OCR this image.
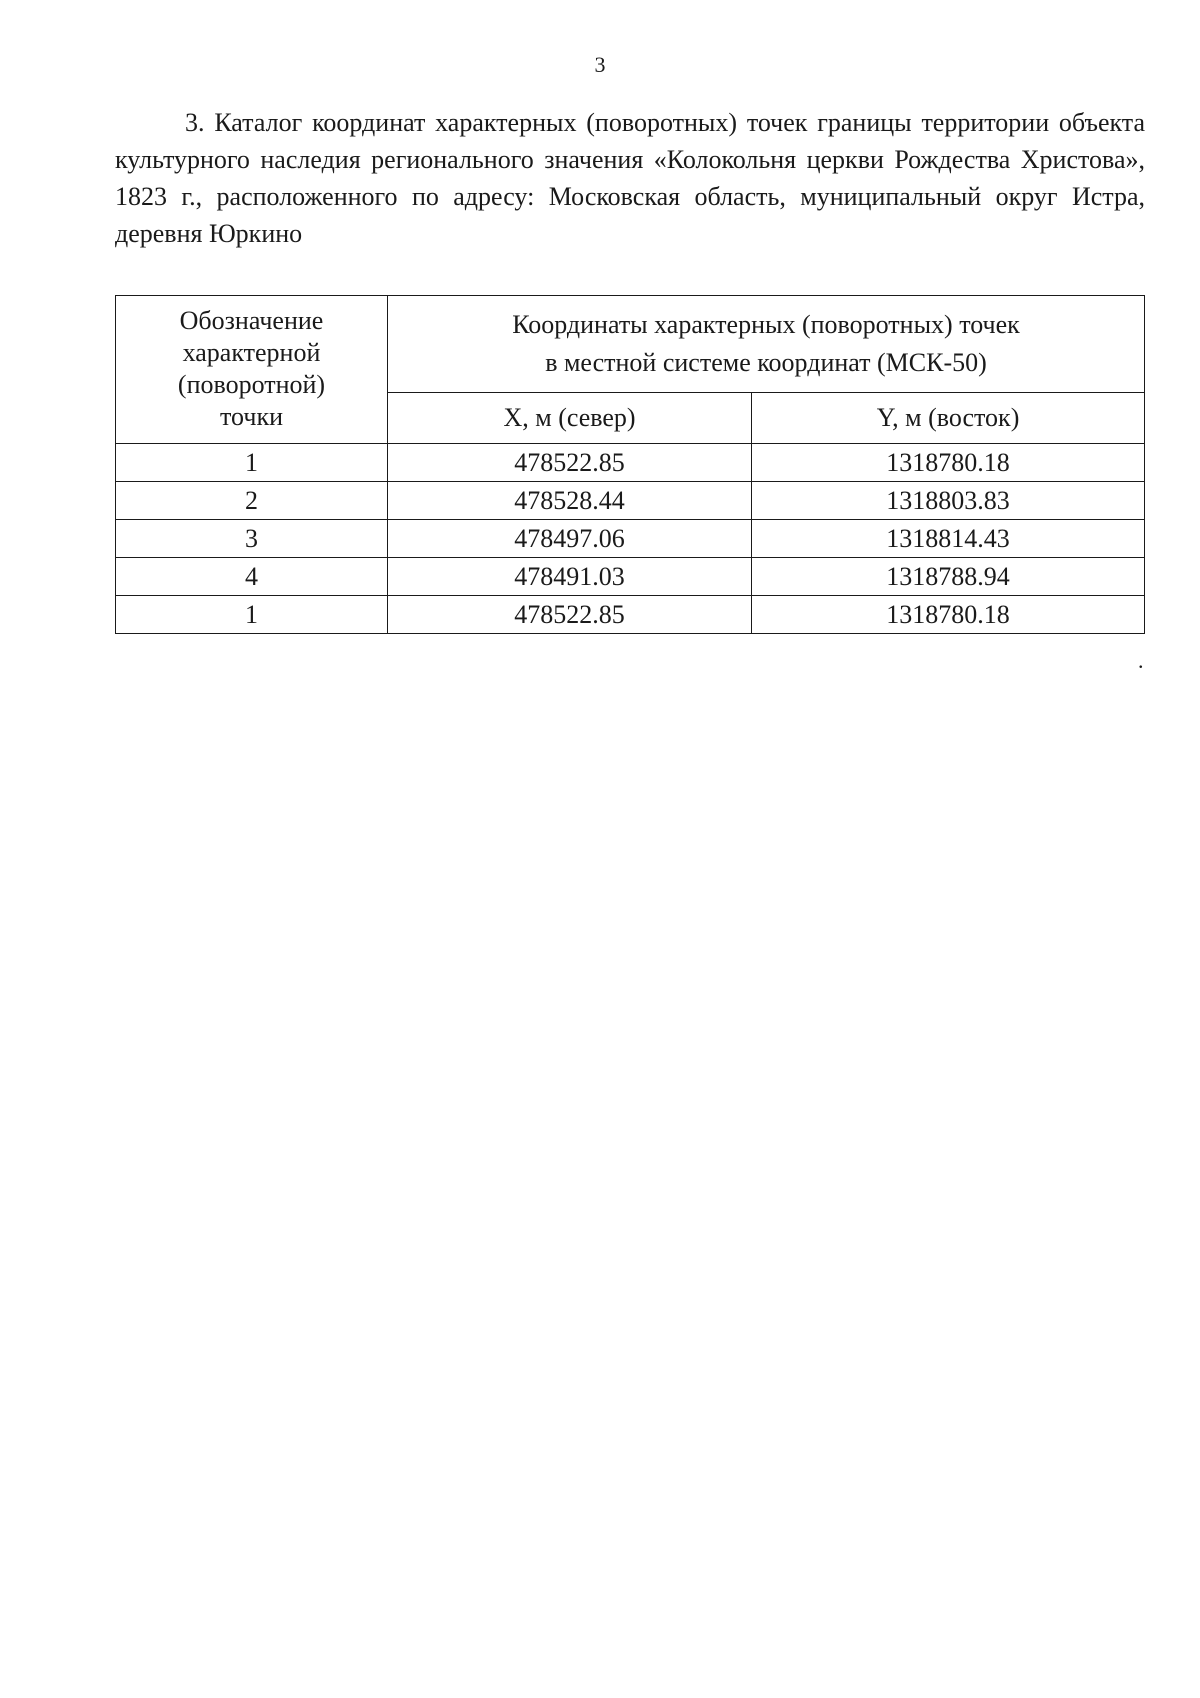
3

3. Каталог координат характерных (поворотных) точек границы территории объекта культурного наследия регионального значения «Колокольня церкви Рождества Христова», 1823 г., расположенного по адресу: Московская область, муниципальный округ Истра, деревня Юркино

Обозначение
характерной
(поворотной)
точки	Координаты характерных (поворотных) точек
в местной системе координат (МСК-50)	

	X, м (север)	Y, м (восток)
1	478522.85	1318780.18
2	478528.44	1318803.83
3	478497.06	1318814.43
4	478491.03	1318788.94
1	478522.85	1318780.18
.
